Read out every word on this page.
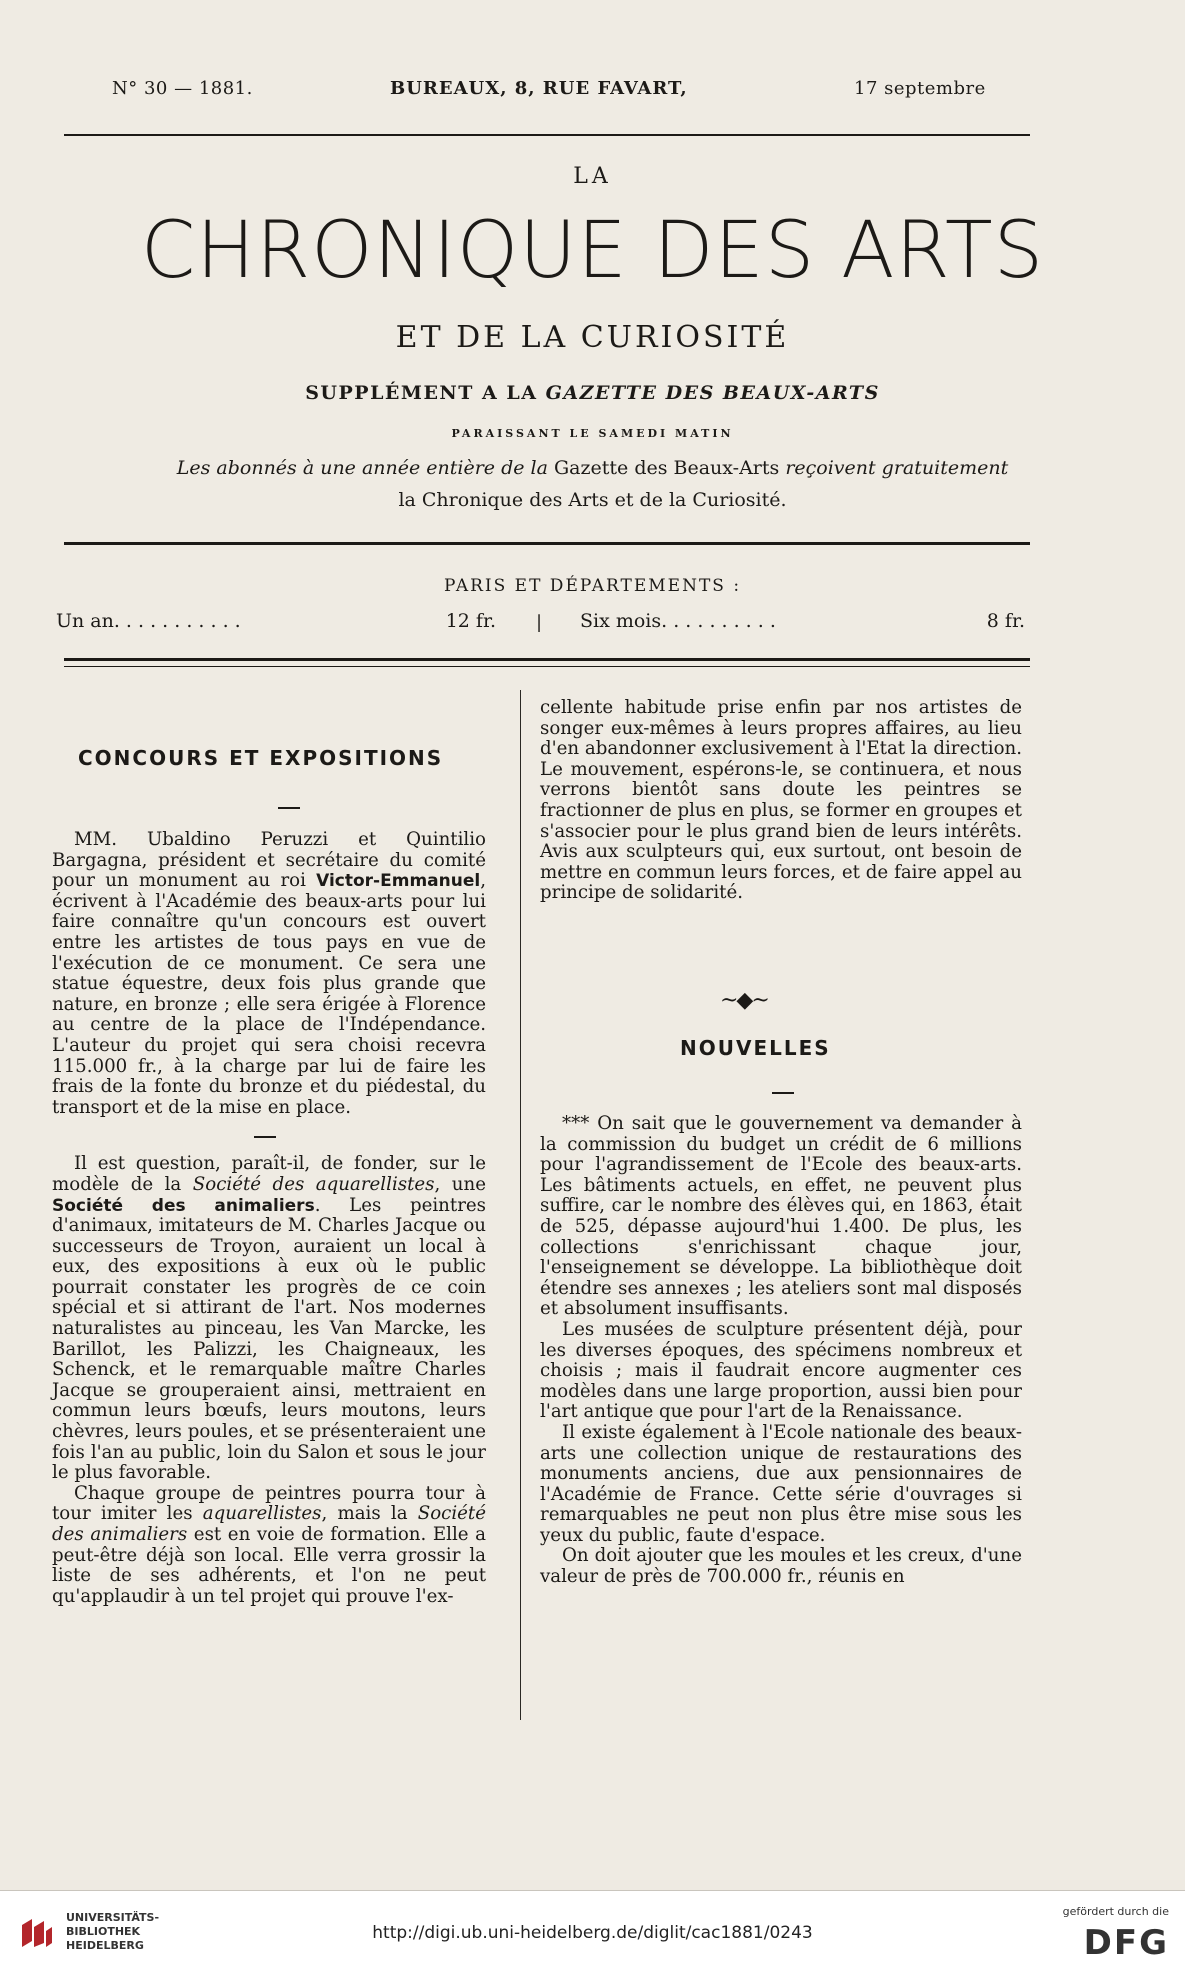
N° 30 — 1881.	BUREAUX, 8, RUE FAVART,	17 septembre
LA
CHRONIQUE DES ARTS
ET DE LA CURIOSITÉ
SUPPLÉMENT A LA GAZETTE DES BEAUX-ARTS
PARAISSANT LE SAMEDI MATIN
Les abonnés à une année entière de la Gazette des Beaux-Arts reçoivent gratuitement
la Chronique des Arts et de la Curiosité.
PARIS ET DÉPARTEMENTS :
Un an. . . . . . . . . . .	12 fr. | Six mois. . . . . . . . . .	8 fr.
CONCOURS ET EXPOSITIONS

MM. Ubaldino Peruzzi et Quintilio Bargagna, président et secrétaire du comité pour un monument au roi Victor-Emmanuel, écrivent à l'Académie des beaux-arts pour lui faire connaître qu'un concours est ouvert entre les artistes de tous pays en vue de l'exécution de ce monument. Ce sera une statue équestre, deux fois plus grande que nature, en bronze ; elle sera érigée à Florence au centre de la place de l'Indépendance. L'auteur du projet qui sera choisi recevra 115.000 fr., à la charge par lui de faire les frais de la fonte du bronze et du piédestal, du transport et de la mise en place.

Il est question, paraît-il, de fonder, sur le modèle de la Société des aquarellistes, une Société des animaliers. Les peintres d'animaux, imitateurs de M. Charles Jacque ou successeurs de Troyon, auraient un local à eux, des expositions à eux où le public pourrait constater les progrès de ce coin spécial et si attirant de l'art. Nos modernes naturalistes au pinceau, les Van Marcke, les Barillot, les Palizzi, les Chaigneaux, les Schenck, et le remarquable maître Charles Jacque se grouperaient ainsi, mettraient en commun leurs bœufs, leurs moutons, leurs chèvres, leurs poules, et se présenteraient une fois l'an au public, loin du Salon et sous le jour le plus favorable.

Chaque groupe de peintres pourra tour à tour imiter les aquarellistes, mais la Société des animaliers est en voie de formation. Elle a peut-être déjà son local. Elle verra grossir la liste de ses adhérents, et l'on ne peut qu'applaudir à un tel projet qui prouve l'ex-

cellente habitude prise enfin par nos artistes de songer eux-mêmes à leurs propres affaires, au lieu d'en abandonner exclusivement à l'Etat la direction. Le mouvement, espérons-le, se continuera, et nous verrons bientôt sans doute les peintres se fractionner de plus en plus, se former en groupes et s'associer pour le plus grand bien de leurs intérêts. Avis aux sculpteurs qui, eux surtout, ont besoin de mettre en commun leurs forces, et de faire appel au principe de solidarité.

~◆~
NOUVELLES

*** On sait que le gouvernement va demander à la commission du budget un crédit de 6 millions pour l'agrandissement de l'Ecole des beaux-arts. Les bâtiments actuels, en effet, ne peuvent plus suffire, car le nombre des élèves qui, en 1863, était de 525, dépasse aujourd'hui 1.400. De plus, les collections s'enrichissant chaque jour, l'enseignement se développe. La bibliothèque doit étendre ses annexes ; les ateliers sont mal disposés et absolument insuffisants.

Les musées de sculpture présentent déjà, pour les diverses époques, des spécimens nombreux et choisis ; mais il faudrait encore augmenter ces modèles dans une large proportion, aussi bien pour l'art antique que pour l'art de la Renaissance.

Il existe également à l'Ecole nationale des beaux-arts une collection unique de restaurations des monuments anciens, due aux pensionnaires de l'Académie de France. Cette série d'ouvrages si remarquables ne peut non plus être mise sous les yeux du public, faute d'espace.

On doit ajouter que les moules et les creux, d'une valeur de près de 700.000 fr., réunis en

UNIVERSITÄTS-
BIBLIOTHEK
HEIDELBERG
http://digi.ub.uni-heidelberg.de/diglit/cac1881/0243
gefördert durch die
DFG
